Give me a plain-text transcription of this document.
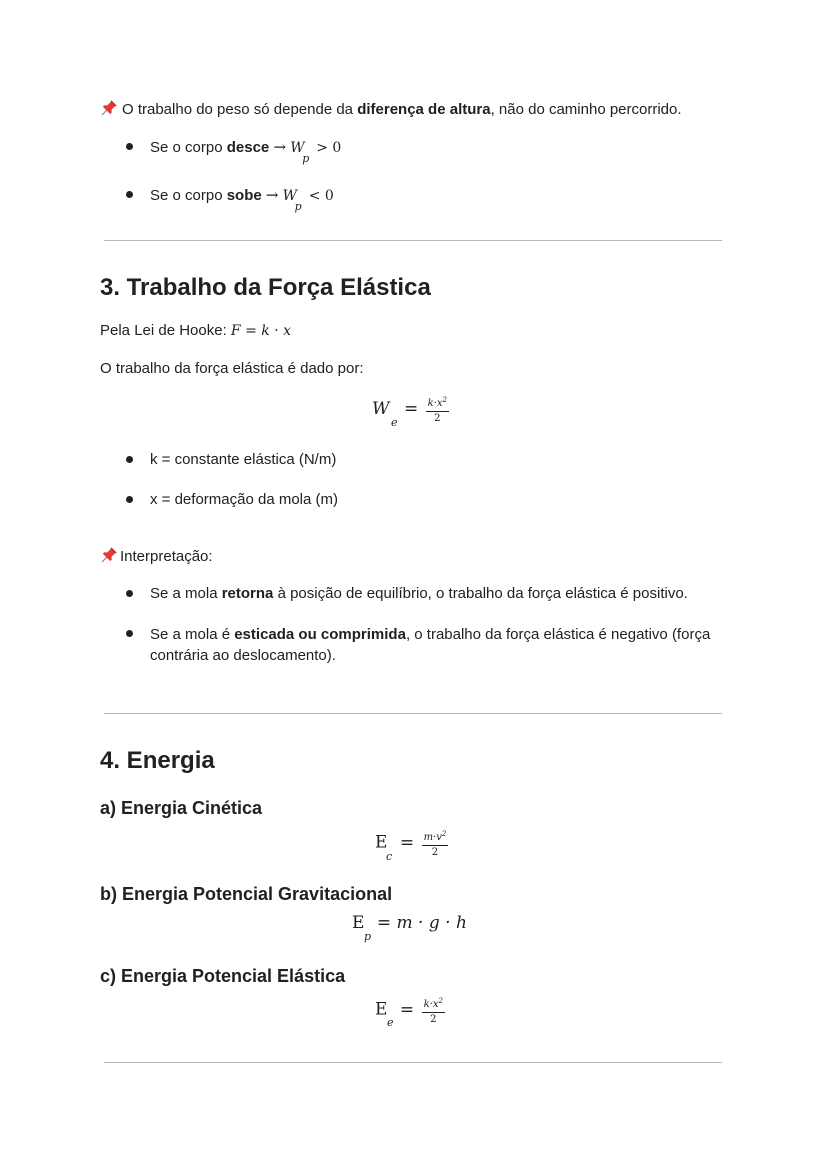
O trabalho do peso só depende da diferença de altura, não do caminho percorrido.
Se o corpo desce → W
p
> 0
Se o corpo sobe → W
p
< 0
3. Trabalho da Força Elástica
Pela Lei de Hooke: F = k · x
O trabalho da força elástica é dado por:
W
e
= $\frac{k\cdot x^2}{2}$
k = constante elástica (N/m)
x = deformação da mola (m)
Interpretação:
Se a mola retorna à posição de equilíbrio, o trabalho da força elástica é positivo.
Se a mola é esticada ou comprimida, o trabalho da força elástica é negativo (força
contrária ao deslocamento).
4. Energia
a) Energia Cinética
E
c
= $\frac{m\cdot v^2}{2}$
b) Energia Potencial Gravitacional
E
p
= m · g · h
c) Energia Potencial Elástica
E
e
= $\frac{k\cdot x^2}{2}$
